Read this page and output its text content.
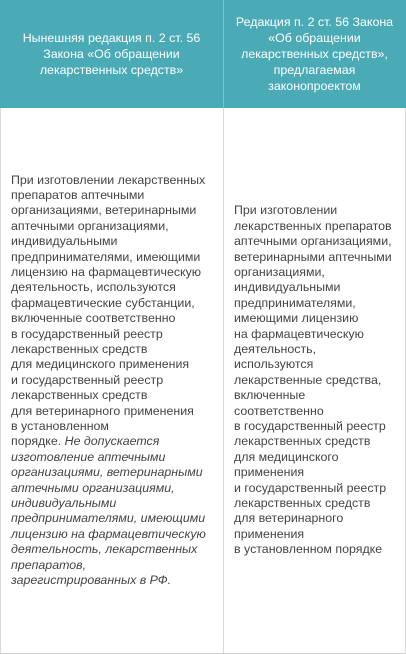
Нынешняя редакция п. 2 ст. 56
Закона «Об обращении
лекарственных средств»

Редакция п. 2 ст. 56 Закона
«Об обращении
лекарственных средств»,
предлагаемая
законопроектом

При изготовлении лекарственных
препаратов аптечными
организациями, ветеринарными
аптечными организациями,
индивидуальными
предпринимателями, имеющими
лицензию на фармацевтическую
деятельность, используются
фармацевтические субстанции,
включенные соответственно
в государственный реестр
лекарственных средств
для медицинского применения
и государственный реестр
лекарственных средств
для ветеринарного применения
в установленном
порядке. Не допускается
изготовление аптечными
организациями, ветеринарными
аптечными организациями,
индивидуальными
предпринимателями, имеющими
лицензию на фармацевтическую
деятельность, лекарственных
препаратов,
зарегистрированных в РФ.

При изготовлении
лекарственных препаратов
аптечными организациями,
ветеринарными аптечными
организациями,
индивидуальными
предпринимателями,
имеющими лицензию
на фармацевтическую
деятельность,
используются
лекарственные средства,
включенные
соответственно
в государственный реестр
лекарственных средств
для медицинского
применения
и государственный реестр
лекарственных средств
для ветеринарного
применения
в установленном порядке
